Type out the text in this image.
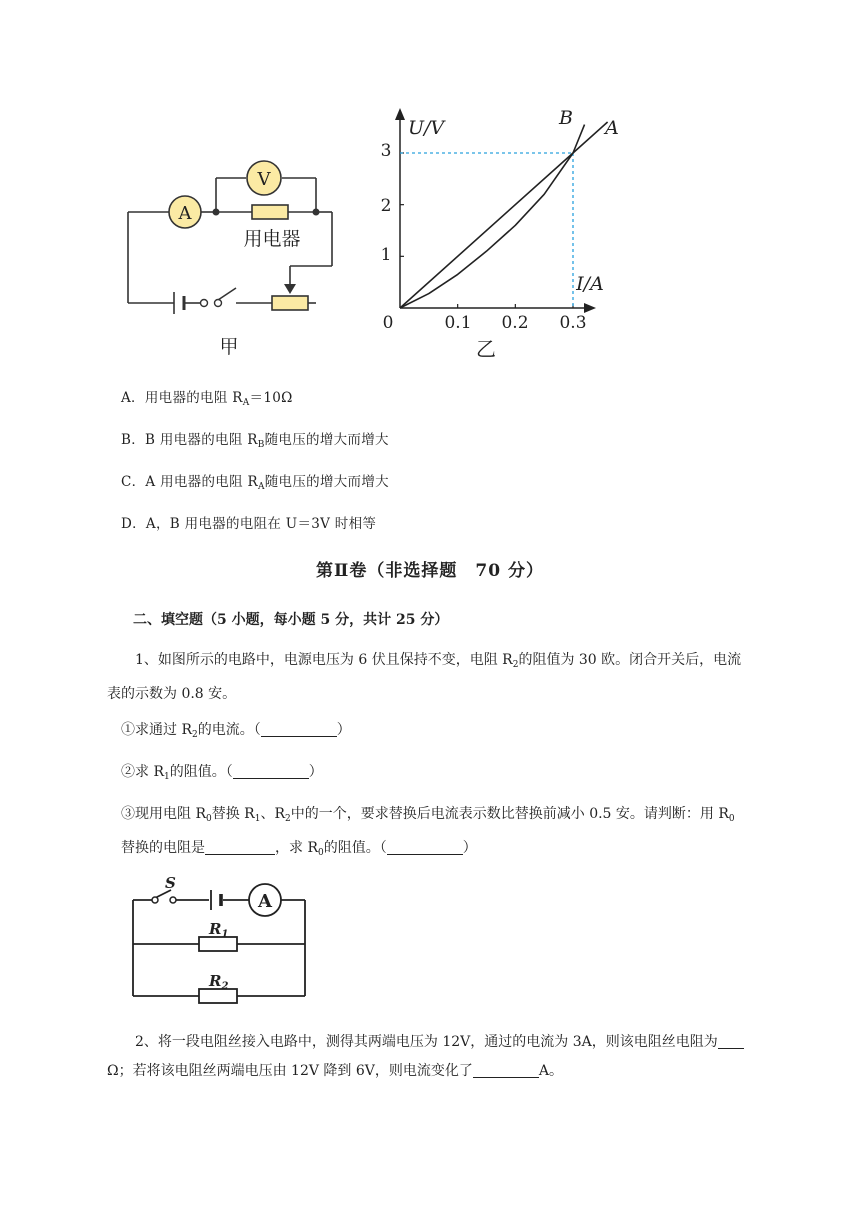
A
V
用电器
甲
U/V
I/A
0	0.1 0.2 0.3
1
2
3
B A
乙
A．用电器的电阻 $R_A=10\Omega$
B．B 用电器的电阻 $R_B$随电压的增大而增大
C．A 用电器的电阻 $R_A$随电压的增大而增大
D．A，B 用电器的电阻在 U＝3V 时相等
第Ⅱ卷（非选择题　70 分）
二、填空题（5 小题，每小题 5 分，共计 25 分）
1、如图所示的电路中，电源电压为 6 伏且保持不变，电阻 $R_2$的阻值为 30 欧。闭合开关后，电流
表的示数为 0.8 安。
①求通过 $R_2$的电流。（	）
②求 $R_1$的阻值。（	）
③现用电阻 $R_0$替换 $R_1$、$R_2$中的一个，要求替换后电流表示数比替换前减小 0.5 安。请判断：用 $R_0$
替换的电阻是	，求 $R_0$的阻值。（	）
S
A
$R_1$
$R_2$
2、将一段电阻丝接入电路中，测得其两端电压为 12V，通过的电流为 3A，则该电阻丝电阻为
Ω；若将该电阻丝两端电压由 12V 降到 6V，则电流变化了	A。
